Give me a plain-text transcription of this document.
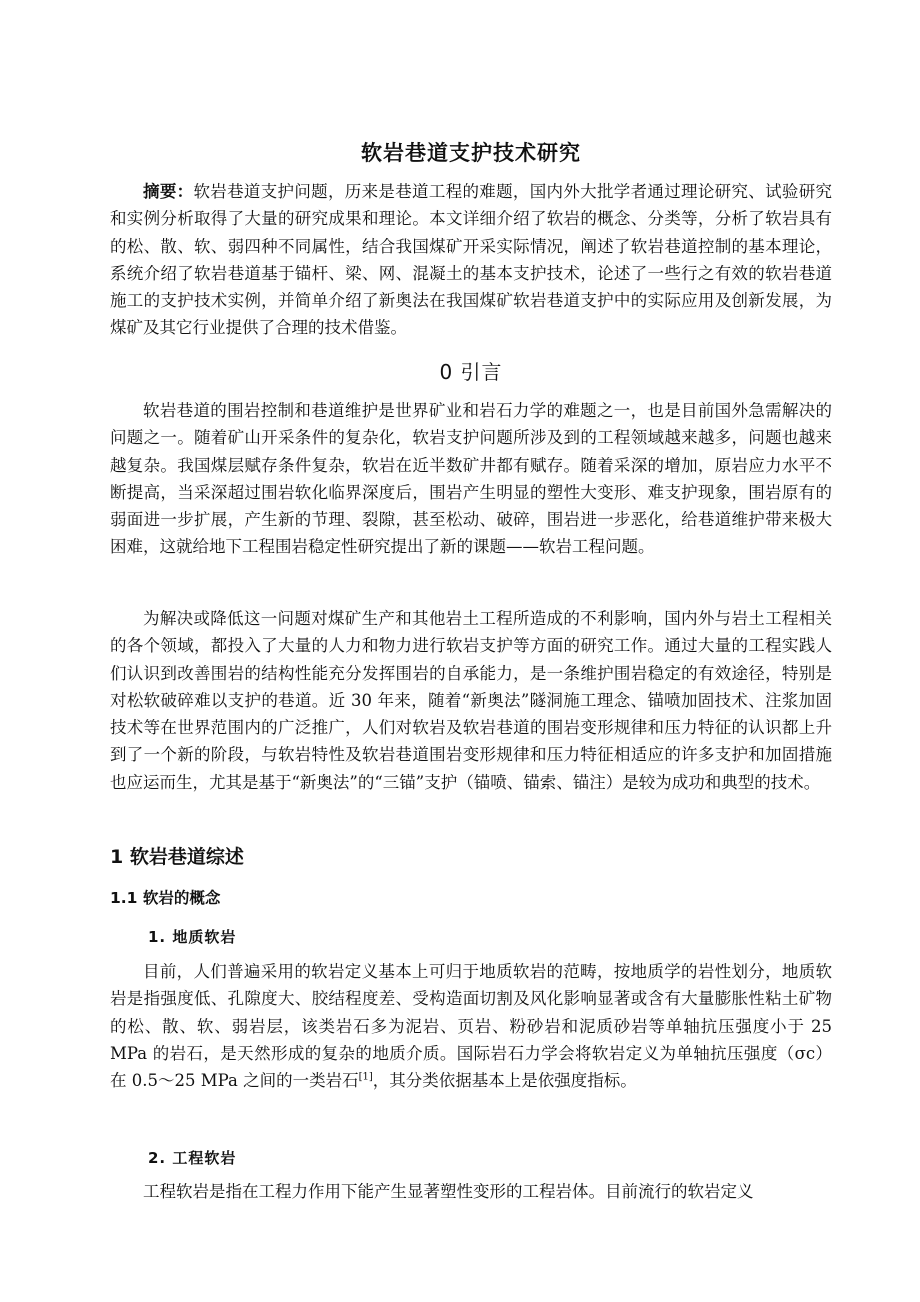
软岩巷道支护技术研究

摘要：软岩巷道支护问题，历来是巷道工程的难题，国内外大批学者通过理论研究、试验研究和实例分析取得了大量的研究成果和理论。本文详细介绍了软岩的概念、分类等，分析了软岩具有的松、散、软、弱四种不同属性，结合我国煤矿开采实际情况，阐述了软岩巷道控制的基本理论，系统介绍了软岩巷道基于锚杆、梁、网、混凝土的基本支护技术，论述了一些行之有效的软岩巷道施工的支护技术实例，并简单介绍了新奥法在我国煤矿软岩巷道支护中的实际应用及创新发展，为煤矿及其它行业提供了合理的技术借鉴。

0 引言

软岩巷道的围岩控制和巷道维护是世界矿业和岩石力学的难题之一，也是目前国外急需解决的问题之一。随着矿山开采条件的复杂化，软岩支护问题所涉及到的工程领域越来越多，问题也越来越复杂。我国煤层赋存条件复杂，软岩在近半数矿井都有赋存。随着采深的增加，原岩应力水平不断提高，当采深超过围岩软化临界深度后，围岩产生明显的塑性大变形、难支护现象，围岩原有的弱面进一步扩展，产生新的节理、裂隙，甚至松动、破碎，围岩进一步恶化，给巷道维护带来极大困难，这就给地下工程围岩稳定性研究提出了新的课题——软岩工程问题。

为解决或降低这一问题对煤矿生产和其他岩土工程所造成的不利影响，国内外与岩土工程相关的各个领域，都投入了大量的人力和物力进行软岩支护等方面的研究工作。通过大量的工程实践人们认识到改善围岩的结构性能充分发挥围岩的自承能力，是一条维护围岩稳定的有效途径，特别是对松软破碎难以支护的巷道。近 30 年来，随着“新奥法”隧洞施工理念、锚喷加固技术、注浆加固技术等在世界范围内的广泛推广，人们对软岩及软岩巷道的围岩变形规律和压力特征的认识都上升到了一个新的阶段，与软岩特性及软岩巷道围岩变形规律和压力特征相适应的许多支护和加固措施也应运而生，尤其是基于“新奥法”的“三锚”支护（锚喷、锚索、锚注）是较为成功和典型的技术。

1 软岩巷道综述
1.1 软岩的概念
1. 地质软岩

目前，人们普遍采用的软岩定义基本上可归于地质软岩的范畴，按地质学的岩性划分，地质软岩是指强度低、孔隙度大、胶结程度差、受构造面切割及风化影响显著或含有大量膨胀性粘土矿物的松、散、软、弱岩层，该类岩石多为泥岩、页岩、粉砂岩和泥质砂岩等单轴抗压强度小于 25 MPa 的岩石，是天然形成的复杂的地质介质。国际岩石力学会将软岩定义为单轴抗压强度（σc）在 0.5～25 MPa 之间的一类岩石[1]，其分类依据基本上是依强度指标。

2. 工程软岩

工程软岩是指在工程力作用下能产生显著塑性变形的工程岩体。目前流行的软岩定义
